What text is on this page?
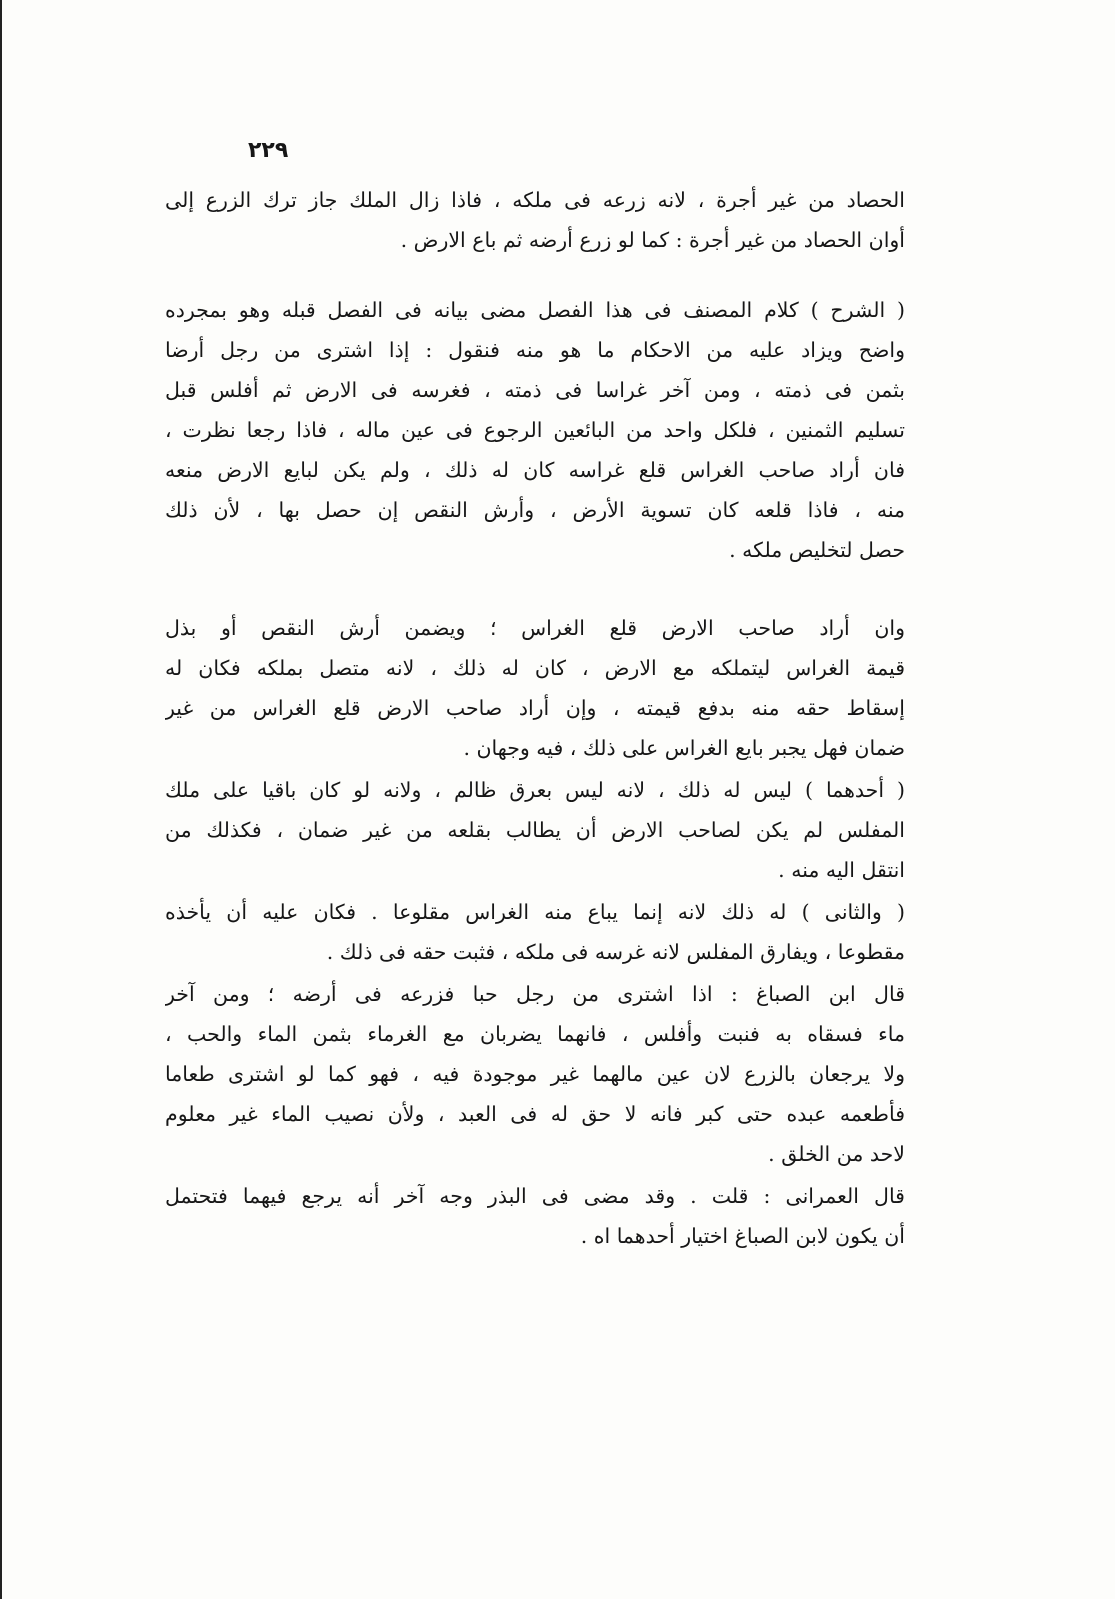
٢٢٩
الحصاد من غير أجرة ، لانه زرعه فى ملكه ، فاذا زال الملك جاز ترك الزرع إلى
أوان الحصاد من غير أجرة : كما لو زرع أرضه ثم باع الارض .
( الشرح ) كلام المصنف فى هذا الفصل مضى بيانه فى الفصل قبله وهو بمجرده
واضح ويزاد عليه من الاحكام ما هو منه فنقول : إذا اشترى من رجل أرضا
بثمن فى ذمته ، ومن آخر غراسا فى ذمته ، فغرسه فى الارض ثم أفلس قبل
تسليم الثمنين ، فلكل واحد من البائعين الرجوع فى عين ماله ، فاذا رجعا نظرت ،
فان أراد صاحب الغراس قلع غراسه كان له ذلك ، ولم يكن لبايع الارض منعه
منه ، فاذا قلعه كان تسوية الأرض ، وأرش النقص إن حصل بها ، لأن ذلك
حصل لتخليص ملكه .
وان أراد صاحب الارض قلع الغراس ؛ ويضمن أرش النقص أو بذل
قيمة الغراس ليتملكه مع الارض ، كان له ذلك ، لانه متصل بملكه فكان له
إسقاط حقه منه بدفع قيمته ، وإن أراد صاحب الارض قلع الغراس من غير
ضمان فهل يجبر بايع الغراس على ذلك ، فيه وجهان .
( أحدهما ) ليس له ذلك ، لانه ليس بعرق ظالم ، ولانه لو كان باقيا على ملك
المفلس لم يكن لصاحب الارض أن يطالب بقلعه من غير ضمان ، فكذلك من
انتقل اليه منه .
( والثانى ) له ذلك لانه إنما يباع منه الغراس مقلوعا . فكان عليه أن يأخذه
مقطوعا ، ويفارق المفلس لانه غرسه فى ملكه ، فثبت حقه فى ذلك .
قال ابن الصباغ : اذا اشترى من رجل حبا فزرعه فى أرضه ؛ ومن آخر
ماء فسقاه به فنبت وأفلس ، فانهما يضربان مع الغرماء بثمن الماء والحب ،
ولا يرجعان بالزرع لان عين مالهما غير موجودة فيه ، فهو كما لو اشترى طعاما
فأطعمه عبده حتى كبر فانه لا حق له فى العبد ، ولأن نصيب الماء غير معلوم
لاحد من الخلق .
قال العمرانى : قلت . وقد مضى فى البذر وجه آخر أنه يرجع فيهما فتحتمل
أن يكون لابن الصباغ اختيار أحدهما اه .
